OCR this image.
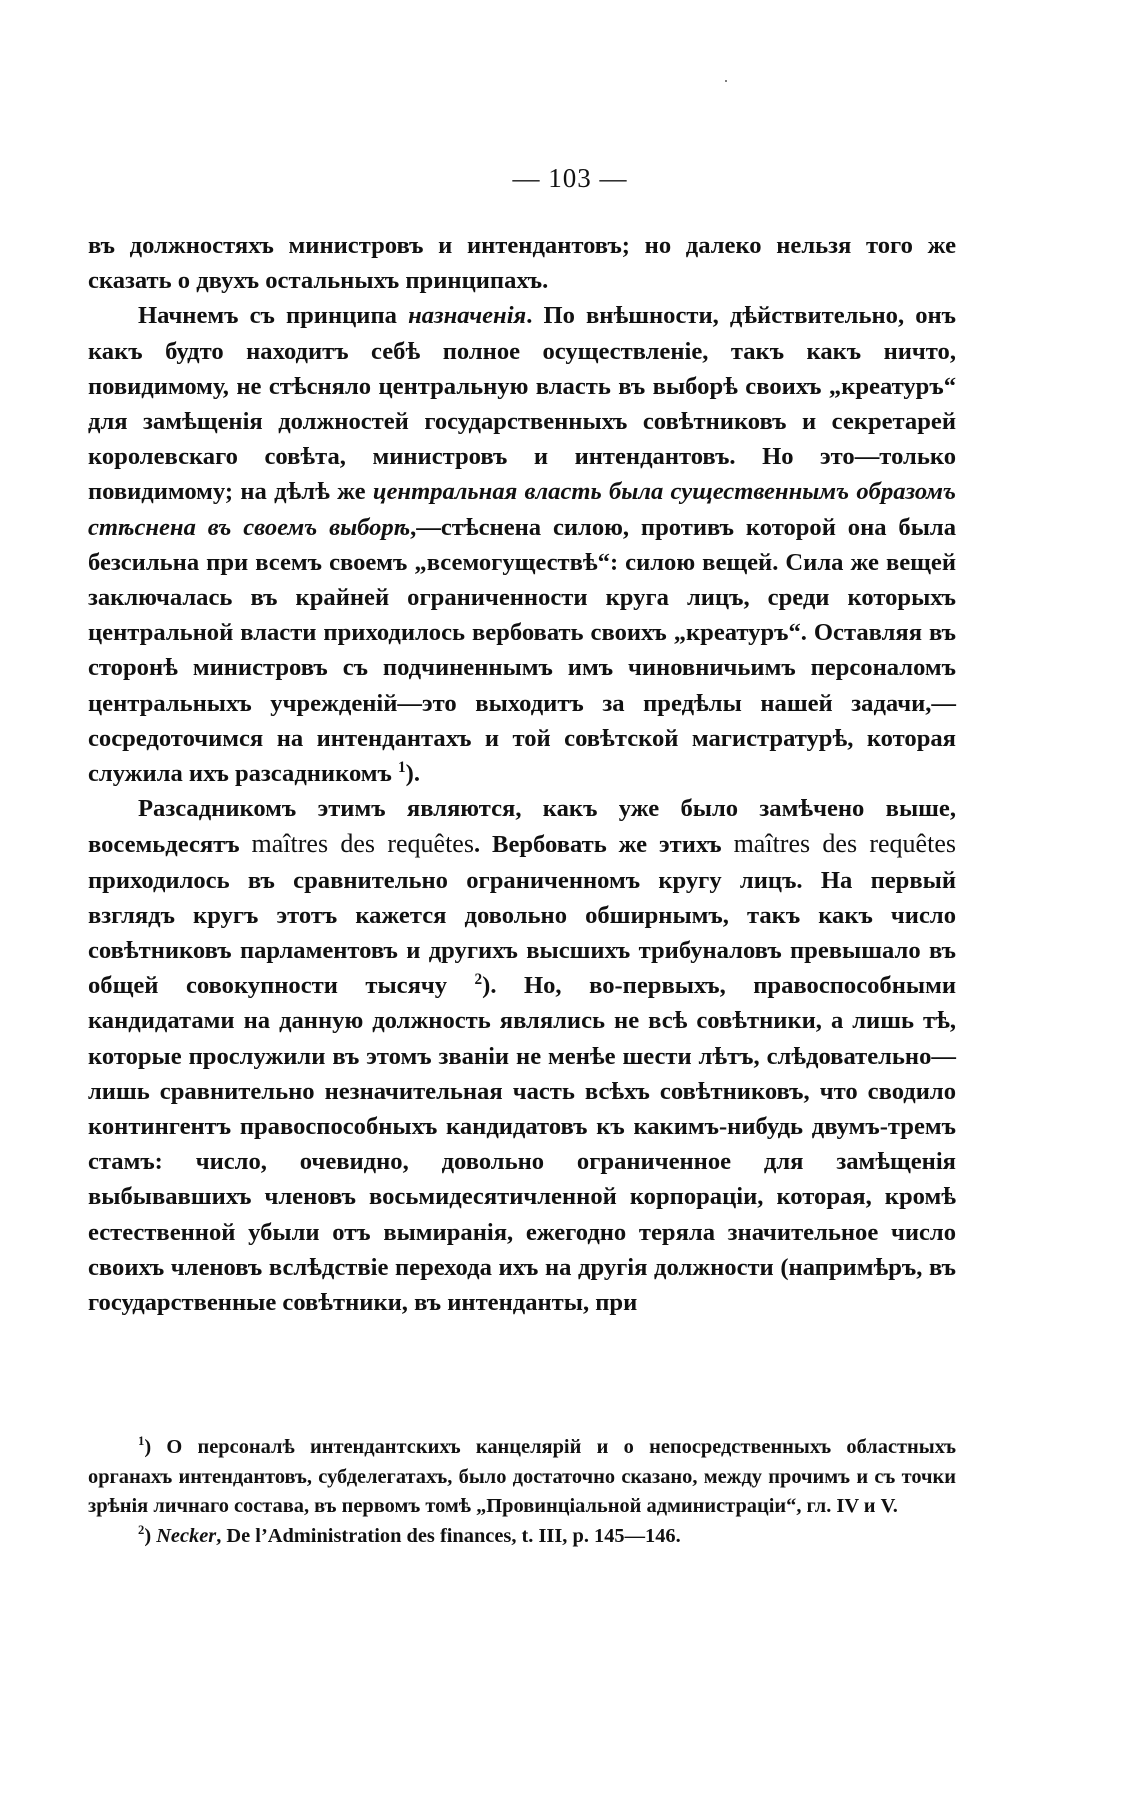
— 103 —

въ должностяхъ министровъ и интендантовъ; но далеко нельзя того же сказать о двухъ остальныхъ принципахъ.

Начнемъ съ принципа назначенія. По внѣшности, дѣйствительно, онъ какъ будто находитъ себѣ полное осуществленіе, такъ какъ ничто, повидимому, не стѣсняло центральную власть въ выборѣ своихъ „креатуръ“ для замѣщенія должностей государственныхъ совѣтниковъ и секретарей королевскаго совѣта, министровъ и интендантовъ. Но это—только повидимому; на дѣлѣ же центральная власть была существеннымъ образомъ стѣснена въ своемъ выборѣ,—стѣснена силою, противъ которой она была безсильна при всемъ своемъ „всемогуществѣ“: силою вещей. Сила же вещей заключалась въ крайней ограниченности круга лицъ, среди которыхъ центральной власти приходилось вербовать своихъ „креатуръ“. Оставляя въ сторонѣ министровъ съ подчиненнымъ имъ чиновничьимъ персоналомъ центральныхъ учрежденій—это выходитъ за предѣлы нашей задачи,—сосредоточимся на интендантахъ и той совѣтской магистратурѣ, которая служила ихъ разсадникомъ $^1$).

Разсадникомъ этимъ являются, какъ уже было замѣчено выше, восемьдесятъ maîtres des requêtes. Вербовать же этихъ maîtres des requêtes приходилось въ сравнительно ограниченномъ кругу лицъ. На первый взглядъ кругъ этотъ кажется довольно обширнымъ, такъ какъ число совѣтниковъ парламентовъ и другихъ высшихъ трибуналовъ превышало въ общей совокупности тысячу $^2$). Но, во-первыхъ, правоспособными кандидатами на данную должность являлись не всѣ совѣтники, а лишь тѣ, которые прослужили въ этомъ званіи не менѣе шести лѣтъ, слѣдовательно—лишь сравнительно незначительная часть всѣхъ совѣтниковъ, что сводило контингентъ правоспособныхъ кандидатовъ къ какимъ-нибудь двумъ-тремъ стамъ: число, очевидно, довольно ограниченное для замѣщенія выбывавшихъ членовъ восьмидесятичленной корпораціи, которая, кромѣ естественной убыли отъ вымиранія, ежегодно теряла значительное число своихъ членовъ вслѣдствіе перехода ихъ на другія должности (напримѣръ, въ государственные совѣтники, въ интенданты, при

$^1$) О персоналѣ интендантскихъ канцелярій и о непосредственныхъ областныхъ органахъ интендантовъ, субделегатахъ, было достаточно сказано, между прочимъ и съ точки зрѣнія личнаго состава, въ первомъ томѣ „Провинціальной администраціи“, гл. IV и V.

$^2$) Necker, De l’Administration des finances, t. III, p. 145—146.
